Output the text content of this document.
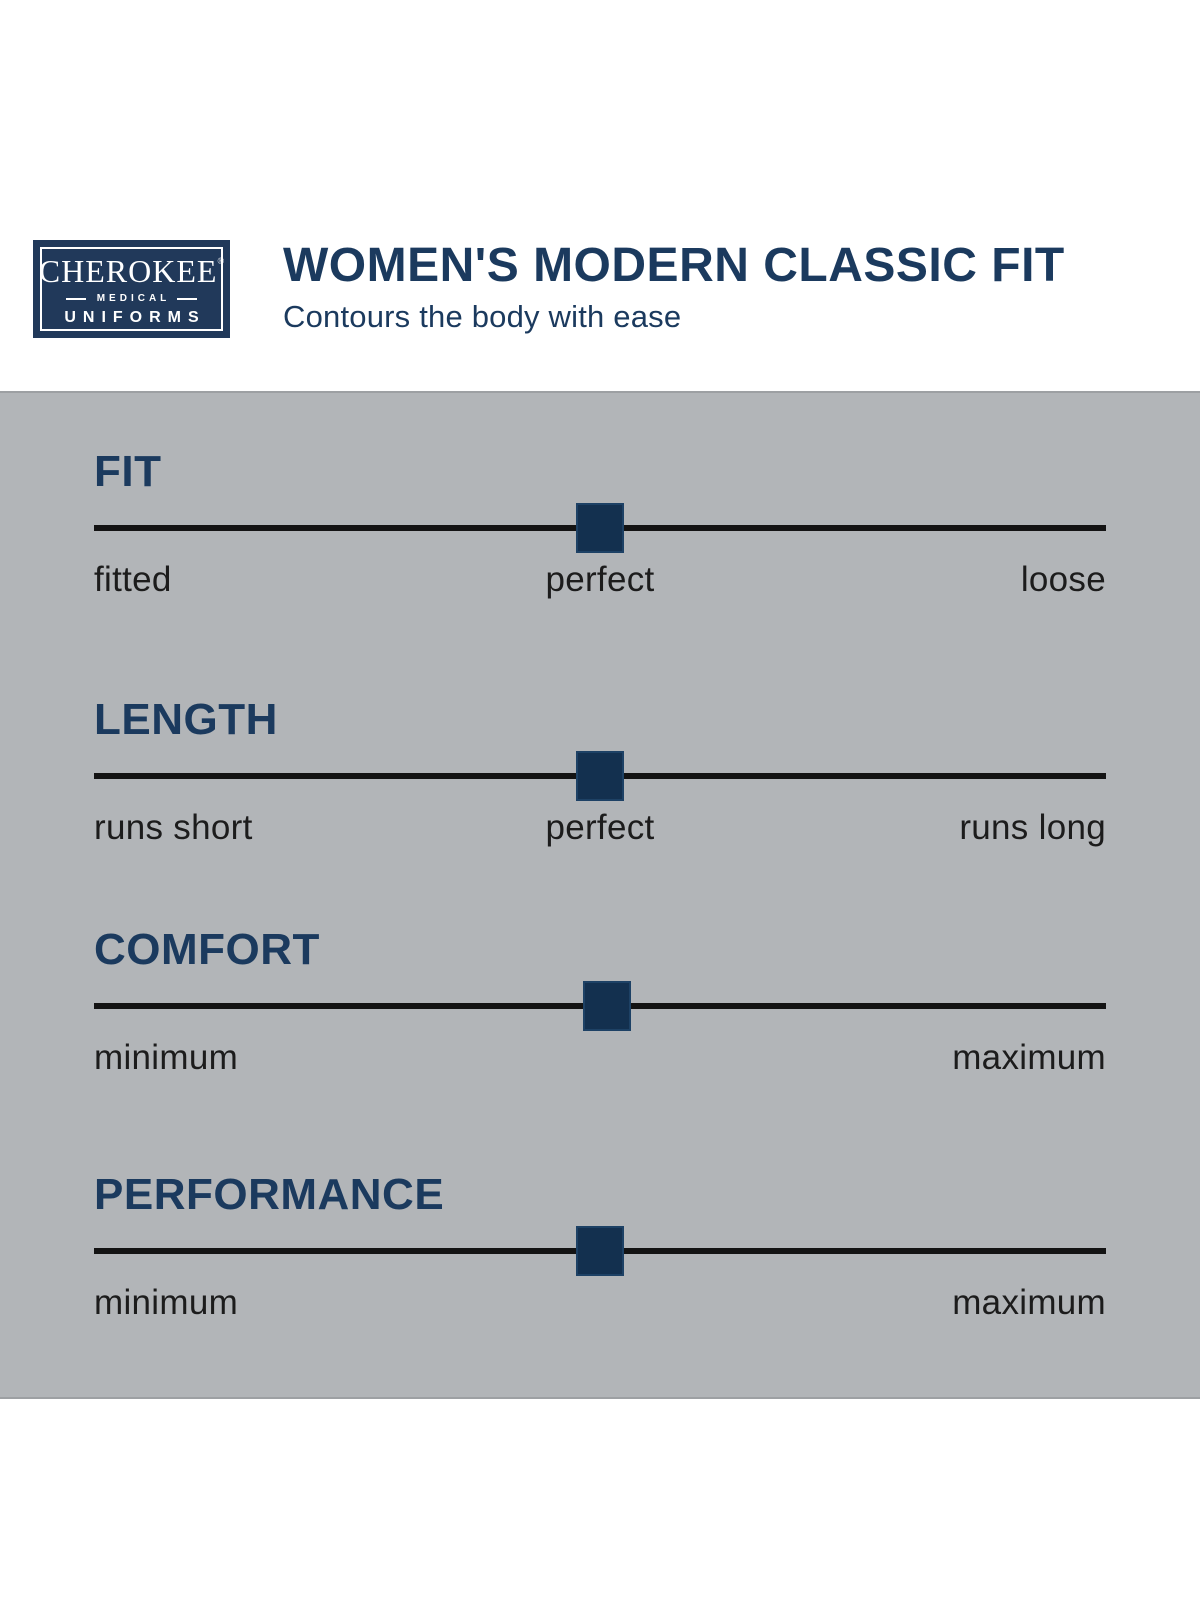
CHEROKEE®
MEDICAL
UNIFORMS
WOMEN'S MODERN CLASSIC FIT

Contours the body with ease

FIT
fitted	perfect	loose
LENGTH
runs short	perfect	runs long
COMFORT
minimum	maximum
PERFORMANCE
minimum	maximum
